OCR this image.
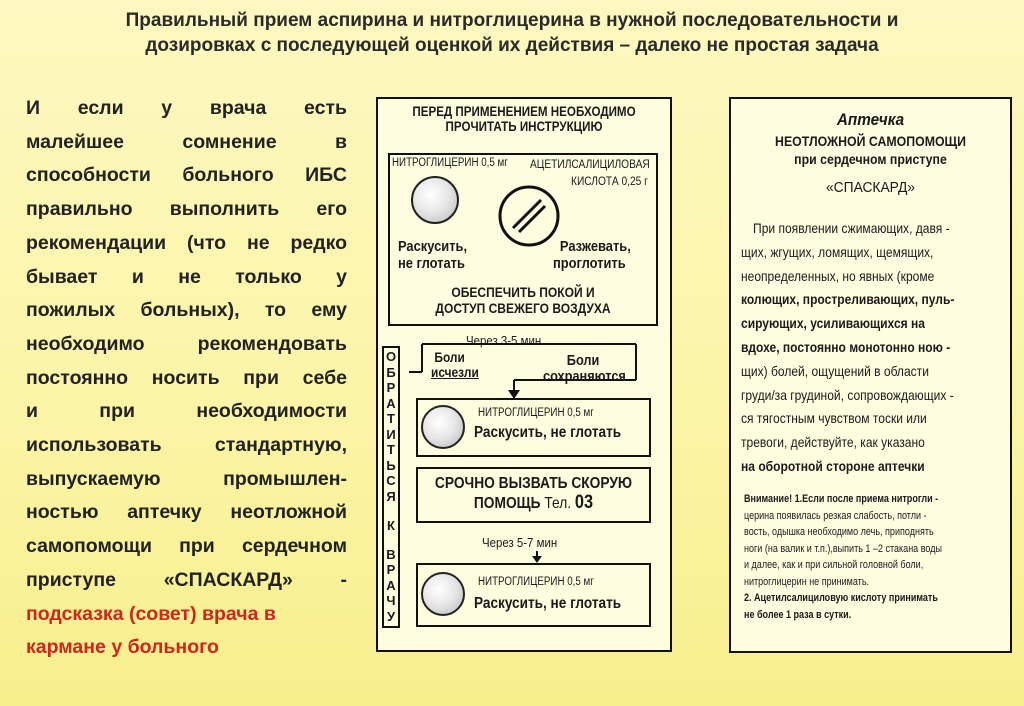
Правильный прием аспирина и нитроглицерина в нужной последовательности и
дозировках с последующей оценкой их действия – далеко не простая задача
И если у врача есть
малейшее сомнение в
способности больного ИБС
правильно выполнить его
рекомендации (что не редко
бывает и не только у
пожилых больных), то ему
необходимо рекомендовать
постоянно носить при себе
и при необходимости
использовать стандартную,
выпускаемую промышлен-
ностью аптечку неотложной
самопомощи при сердечном
приступе «СПАСКАРД» -
подсказка (совет) врача в
кармане у больного
ПЕРЕД ПРИМЕНЕНИЕМ НЕОБХОДИМО
ПРОЧИТАТЬ ИНСТРУКЦИЮ
НИТРОГЛИЦЕРИН 0,5 мг АЦЕТИЛСАЛИЦИЛОВАЯ
КИСЛОТА 0,25 г
Раскусить,
не глотать
Разжевать,
проглотить
ОБЕСПЕЧИТЬ ПОКОЙ И
ДОСТУП СВЕЖЕГО ВОЗДУХА
О
Б
Р
А
Т
И
Т
Ь
С
Я
К
В
Р
А
Ч
У
Через 3-5 мин
Боли
исчезли
Боли
сохраняются
НИТРОГЛИЦЕРИН 0,5 мг
Раскусить, не глотать
СРОЧНО ВЫЗВАТЬ СКОРУЮ
ПОМОЩЬ Тел. 03
Через 5-7 мин
НИТРОГЛИЦЕРИН 0,5 мг
Раскусить, не глотать
Аптечка
НЕОТЛОЖНОЙ САМОПОМОЩИ
при сердечном приступе
«СПАСКАРД»
При появлении сжимающих, давя -
щих, жгущих, ломящих, щемящих,
неопределенных, но явных (кроме
колющих, простреливающих, пуль-
сирующих, усиливающихся на
вдохе, постоянно монотонно ною -
щих) болей, ощущений в области
груди/за грудиной, сопровождающих -
ся тягостным чувством тоски или
тревоги, действуйте, как указано
на оборотной стороне аптечки
Внимание! 1.Если после приема нитрогли -
церина появилась резкая слабость, потли -
вость, одышка необходимо лечь, приподнять
ноги (на валик и т.п.),выпить 1 –2 стакана воды
и далее, как и при сильной головной боли,
нитроглицерин не принимать.
2. Ацетилсалициловую кислоту принимать
не более 1 раза в сутки.
